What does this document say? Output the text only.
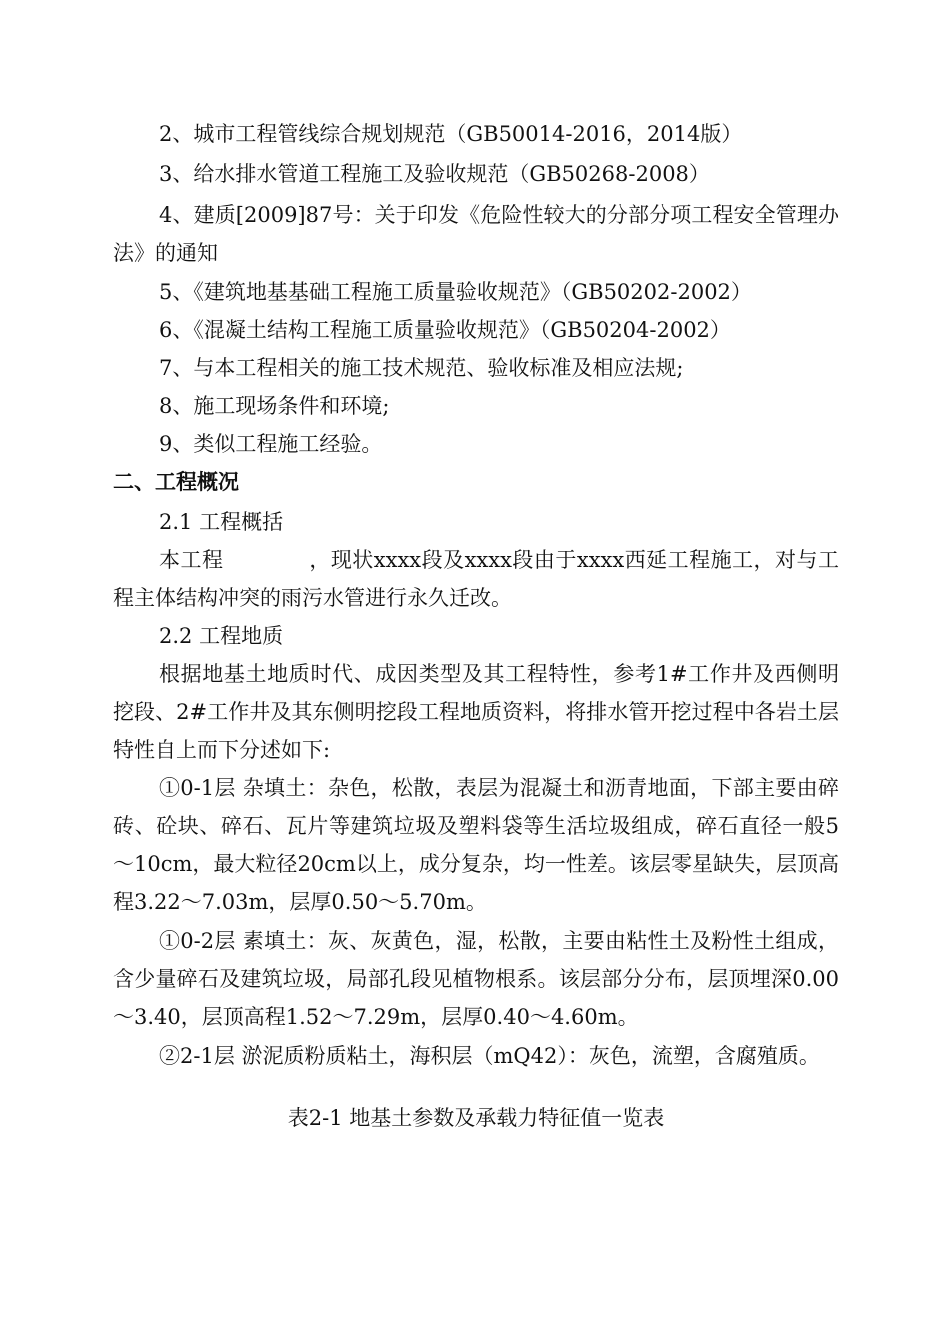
2、城市工程管线综合规划规范（GB50014-2016，2014版）

3、给水排水管道工程施工及验收规范（GB50268-2008）

4、建质[2009]87号：关于印发《危险性较大的分部分项工程安全管理办法》的通知

5、《建筑地基基础工程施工质量验收规范》（GB50202-2002）

6、《混凝土结构工程施工质量验收规范》（GB50204-2002）

7、与本工程相关的施工技术规范、验收标准及相应法规;

8、施工现场条件和环境;

9、类似工程施工经验。

二、工程概况

2.1 工程概括

本工程　　　　，现状xxxx段及xxxx段由于xxxx西延工程施工，对与工程主体结构冲突的雨污水管进行永久迁改。

2.2 工程地质

根据地基土地质时代、成因类型及其工程特性，参考1#工作井及西侧明挖段、2#工作井及其东侧明挖段工程地质资料，将排水管开挖过程中各岩土层特性自上而下分述如下:

①0-1层 杂填土：杂色，松散，表层为混凝土和沥青地面，下部主要由碎砖、砼块、碎石、瓦片等建筑垃圾及塑料袋等生活垃圾组成，碎石直径一般5～10cm，最大粒径20cm以上，成分复杂，均一性差。该层零星缺失，层顶高程3.22～7.03m，层厚0.50～5.70m。

①0-2层 素填土：灰、灰黄色，湿，松散，主要由粘性土及粉性土组成，含少量碎石及建筑垃圾，局部孔段见植物根系。该层部分分布，层顶埋深0.00～3.40，层顶高程1.52～7.29m，层厚0.40～4.60m。

②2-1层 淤泥质粉质粘土，海积层（mQ42）：灰色，流塑，含腐殖质。

表2-1 地基土参数及承载力特征值一览表
